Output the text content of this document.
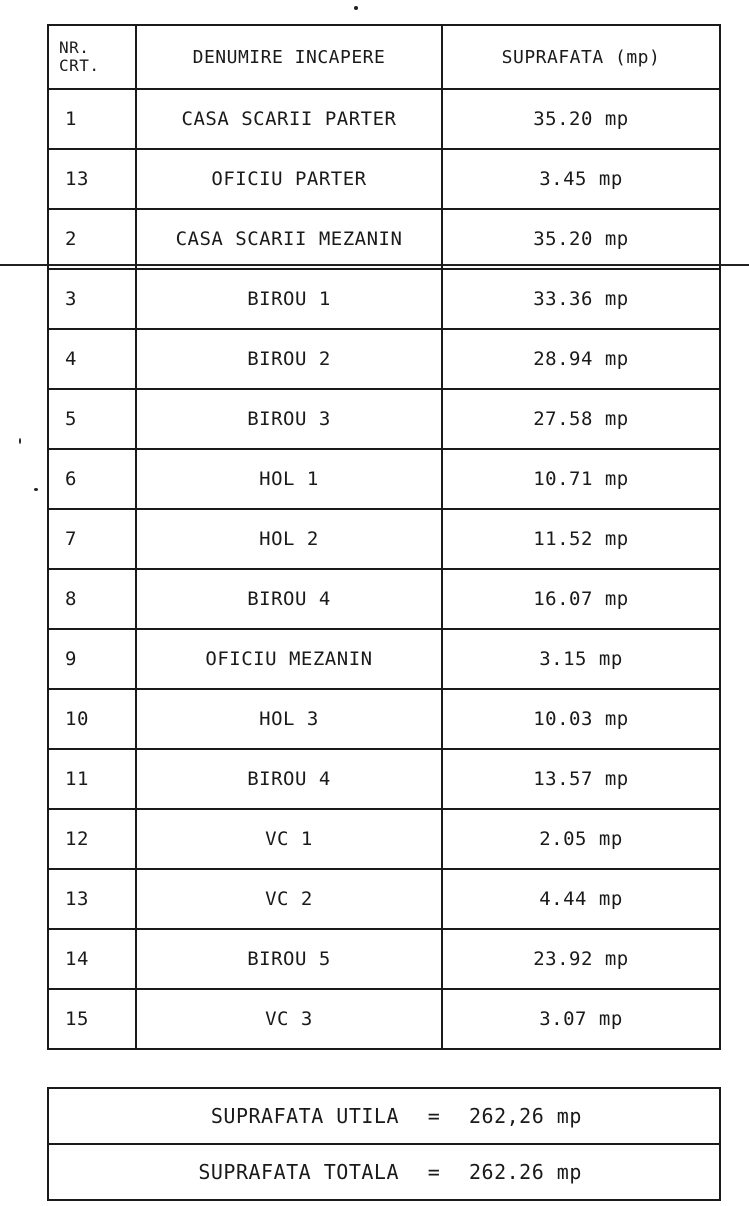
NR.
CRT.	DENUMIRE INCAPERE	SUPRAFATA (mp)
1	CASA SCARII PARTER	35.20 mp
13	OFICIU PARTER	3.45 mp
2	CASA SCARII MEZANIN	35.20 mp
3	BIROU 1	33.36 mp
4	BIROU 2	28.94 mp
5	BIROU 3	27.58 mp
6	HOL 1	10.71 mp
7	HOL 2	11.52 mp
8	BIROU 4	16.07 mp
9	OFICIU MEZANIN	3.15 mp
10	HOL 3	10.03 mp
11	BIROU 4	13.57 mp
12	VC 1	2.05 mp
13	VC 2	4.44 mp
14	BIROU 5	23.92 mp
15	VC 3	3.07 mp
SUPRAFATA UTILA = 262,26 mp
SUPRAFATA TOTALA = 262.26 mp
